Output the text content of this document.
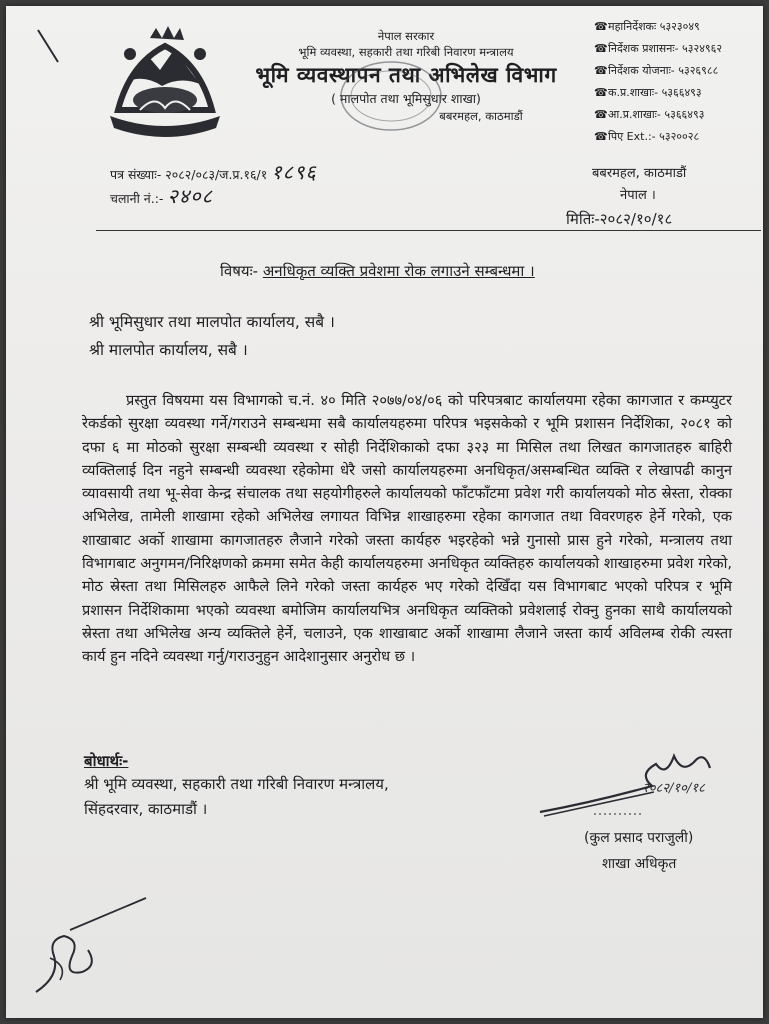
नेपाल सरकार
भूमि व्यवस्था, सहकारी तथा गरिबी निवारण मन्त्रालय
भूमि व्यवस्थापन तथा अभिलेख विभाग
( मालपोत तथा भूमिसुधार शाखा)
बबरमहल, काठमाडौं
☎महानिर्देशकः ५३२३०४९
☎निर्देशक प्रशासनः- ५३२४९६२
☎निर्देशक योजनाः- ५३२६९८८
☎क.प्र.शाखाः- ५३६६४९३
☎आ.प्र.शाखाः- ५३६६४९३
☎पिए Ext.:- ५३२००२८
पत्र संख्याः- २०८२/०८३/ज.प्र.१६/१ १८९६
चलानी नं.:- २४०८
बबरमहल, काठमाडौं
नेपाल ।
मितिः-२०८२/१०/१८
विषयः- अनधिकृत व्यक्ति प्रवेशमा रोक लगाउने सम्बन्धमा ।
श्री भूमिसुधार तथा मालपोत कार्यालय, सबै ।
श्री मालपोत कार्यालय, सबै ।
प्रस्तुत विषयमा यस विभागको च.नं. ४० मिति २०७७/०४/०६ को परिपत्रबाट कार्यालयमा रहेका कागजात र कम्प्युटर रेकर्डको सुरक्षा व्यवस्था गर्ने/गराउने सम्बन्धमा सबै कार्यालयहरुमा परिपत्र भइसकेको र भूमि प्रशासन निर्देशिका, २०८१ को दफा ६ मा मोठको सुरक्षा सम्बन्धी व्यवस्था र सोही निर्देशिकाको दफा ३२३ मा मिसिल तथा लिखत कागजातहरु बाहिरी व्यक्तिलाई दिन नहुने सम्बन्धी व्यवस्था रहेकोमा धेरै जसो कार्यालयहरुमा अनधिकृत/असम्बन्धित व्यक्ति र लेखापढी कानुन व्यावसायी तथा भू-सेवा केन्द्र संचालक तथा सहयोगीहरुले कार्यालयको फाँटफाँटमा प्रवेश गरी कार्यालयको मोठ स्रेस्ता, रोक्का अभिलेख, तामेली शाखामा रहेको अभिलेख लगायत विभिन्न शाखाहरुमा रहेका कागजात तथा विवरणहरु हेर्ने गरेको, एक शाखाबाट अर्को शाखामा कागजातहरु लैजाने गरेको जस्ता कार्यहरु भइरहेको भन्ने गुनासो प्रास हुने गरेको, मन्त्रालय तथा विभागबाट अनुगमन/निरिक्षणको क्रममा समेत केही कार्यालयहरुमा अनधिकृत व्यक्तिहरु कार्यालयको शाखाहरुमा प्रवेश गरेको, मोठ स्रेस्ता तथा मिसिलहरु आफैले लिने गरेको जस्ता कार्यहरु भए गरेको देखिँदा यस विभागबाट भएको परिपत्र र भूमि प्रशासन निर्देशिकामा भएको व्यवस्था बमोजिम कार्यालयभित्र अनधिकृत व्यक्तिको प्रवेशलाई रोक्नु हुनका साथै कार्यालयको स्रेस्ता तथा अभिलेख अन्य व्यक्तिले हेर्ने, चलाउने, एक शाखाबाट अर्को शाखामा लैजाने जस्ता कार्य अविलम्ब रोकी त्यस्ता कार्य हुन नदिने व्यवस्था गर्नु/गराउनुहुन आदेशानुसार अनुरोध छ ।
बोधार्थः-
श्री भूमि व्यवस्था, सहकारी तथा गरिबी निवारण मन्त्रालय,
सिंहदरवार, काठमाडौं ।
२०८२/१०/१८
(कुल प्रसाद पराजुली)
शाखा अधिकृत
